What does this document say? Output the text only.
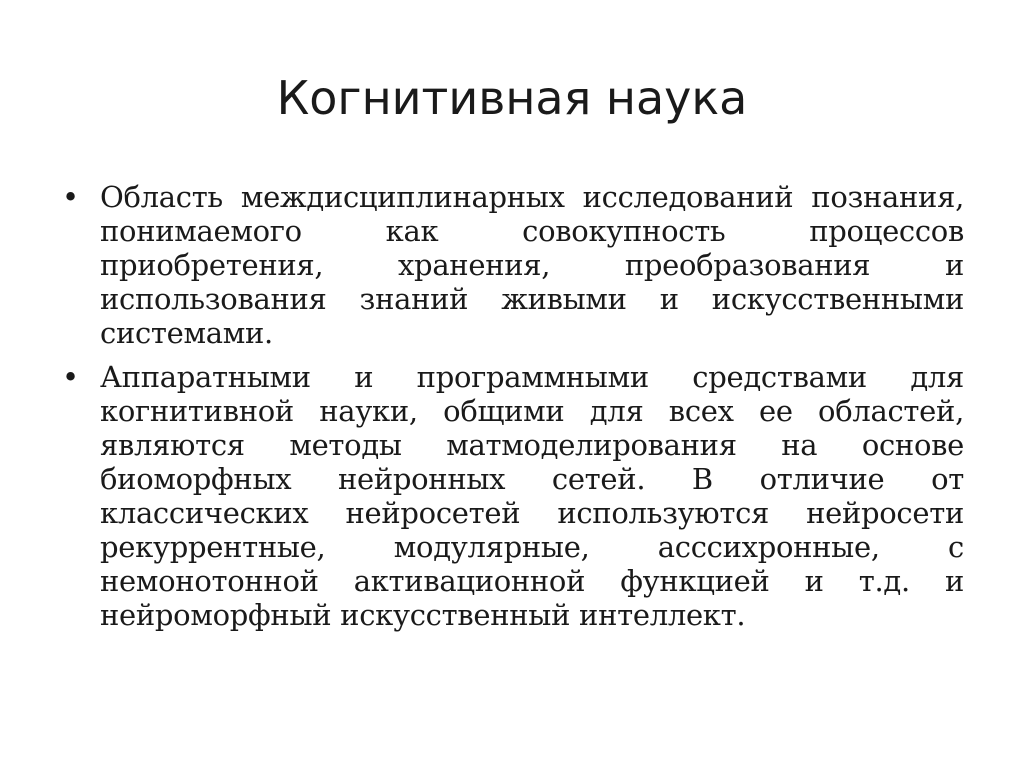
Когнитивная наука
• Область междисциплинарных исследований познания, понимаемого как совокупность процессов приобретения, хранения, преобразования и использования знаний живыми и искусственными системами.
• Аппаратными и программными средствами для когнитивной науки, общими для всех ее областей, являются методы матмоделирования на основе биоморфных нейронных сетей. В отличие от классических нейросетей используются нейросети рекуррентные, модулярные, асссихронные, с немонотонной активационной функцией и т.д. и нейроморфный искусственный интеллект.
